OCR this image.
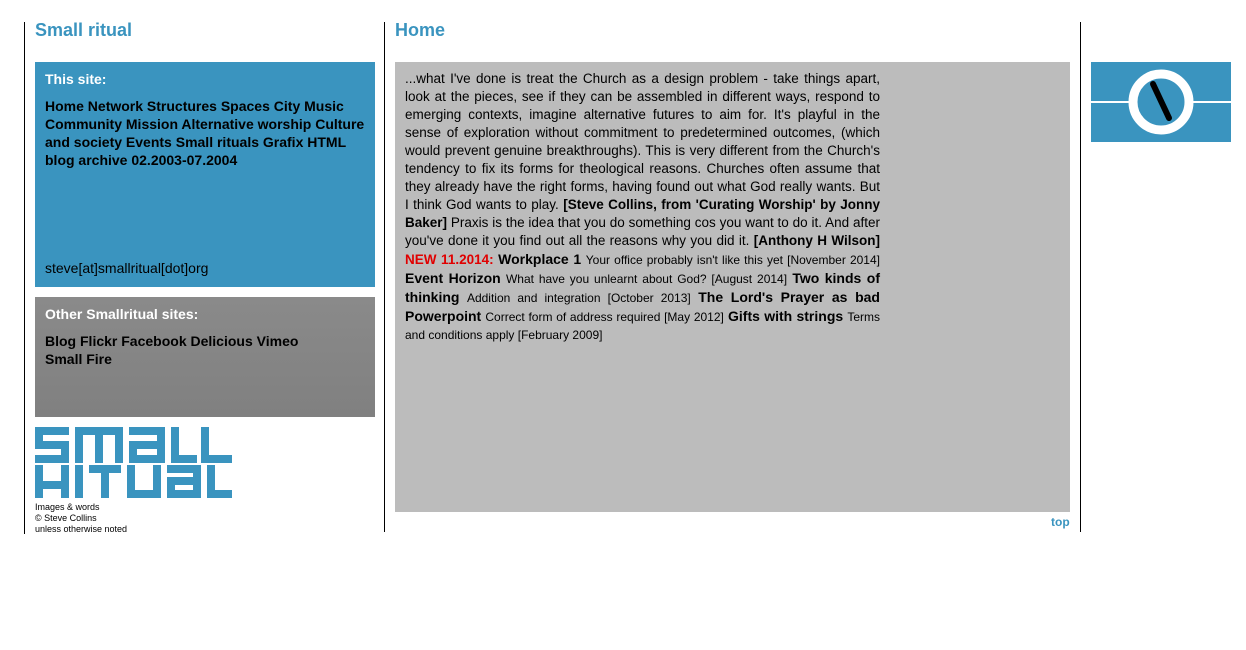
Small ritual	Home
This site:
Home Network Structures Spaces City Music Community Mission Alternative worship Culture and society Events Small rituals Grafix HTML blog archive 02.2003-07.2004
steve[at]smallritual[dot]org
Other Smallritual sites:
Blog Flickr Facebook Delicious Vimeo
Small Fire
Images & words
© Steve Collins
unless otherwise noted
...what I've done is treat the Church as a design problem - take things apart, look at the pieces, see if they can be assembled in different ways, respond to emerging contexts, imagine alternative futures to aim for. It's playful in the sense of exploration without commitment to predetermined outcomes, (which would prevent genuine breakthroughs). This is very different from the Church's tendency to fix its forms for theological reasons. Churches often assume that they already have the right forms, having found out what God really wants. But I think God wants to play. [Steve Collins, from 'Curating Worship' by Jonny Baker] Praxis is the idea that you do something cos you want to do it. And after you've done it you find out all the reasons why you did it. [Anthony H Wilson] NEW 11.2014: Workplace 1 Your office probably isn't like this yet [November 2014] Event Horizon What have you unlearnt about God? [August 2014] Two kinds of thinking Addition and integration [October 2013] The Lord's Prayer as bad Powerpoint Correct form of address required [May 2012] Gifts with strings Terms and conditions apply [February 2009]
top
